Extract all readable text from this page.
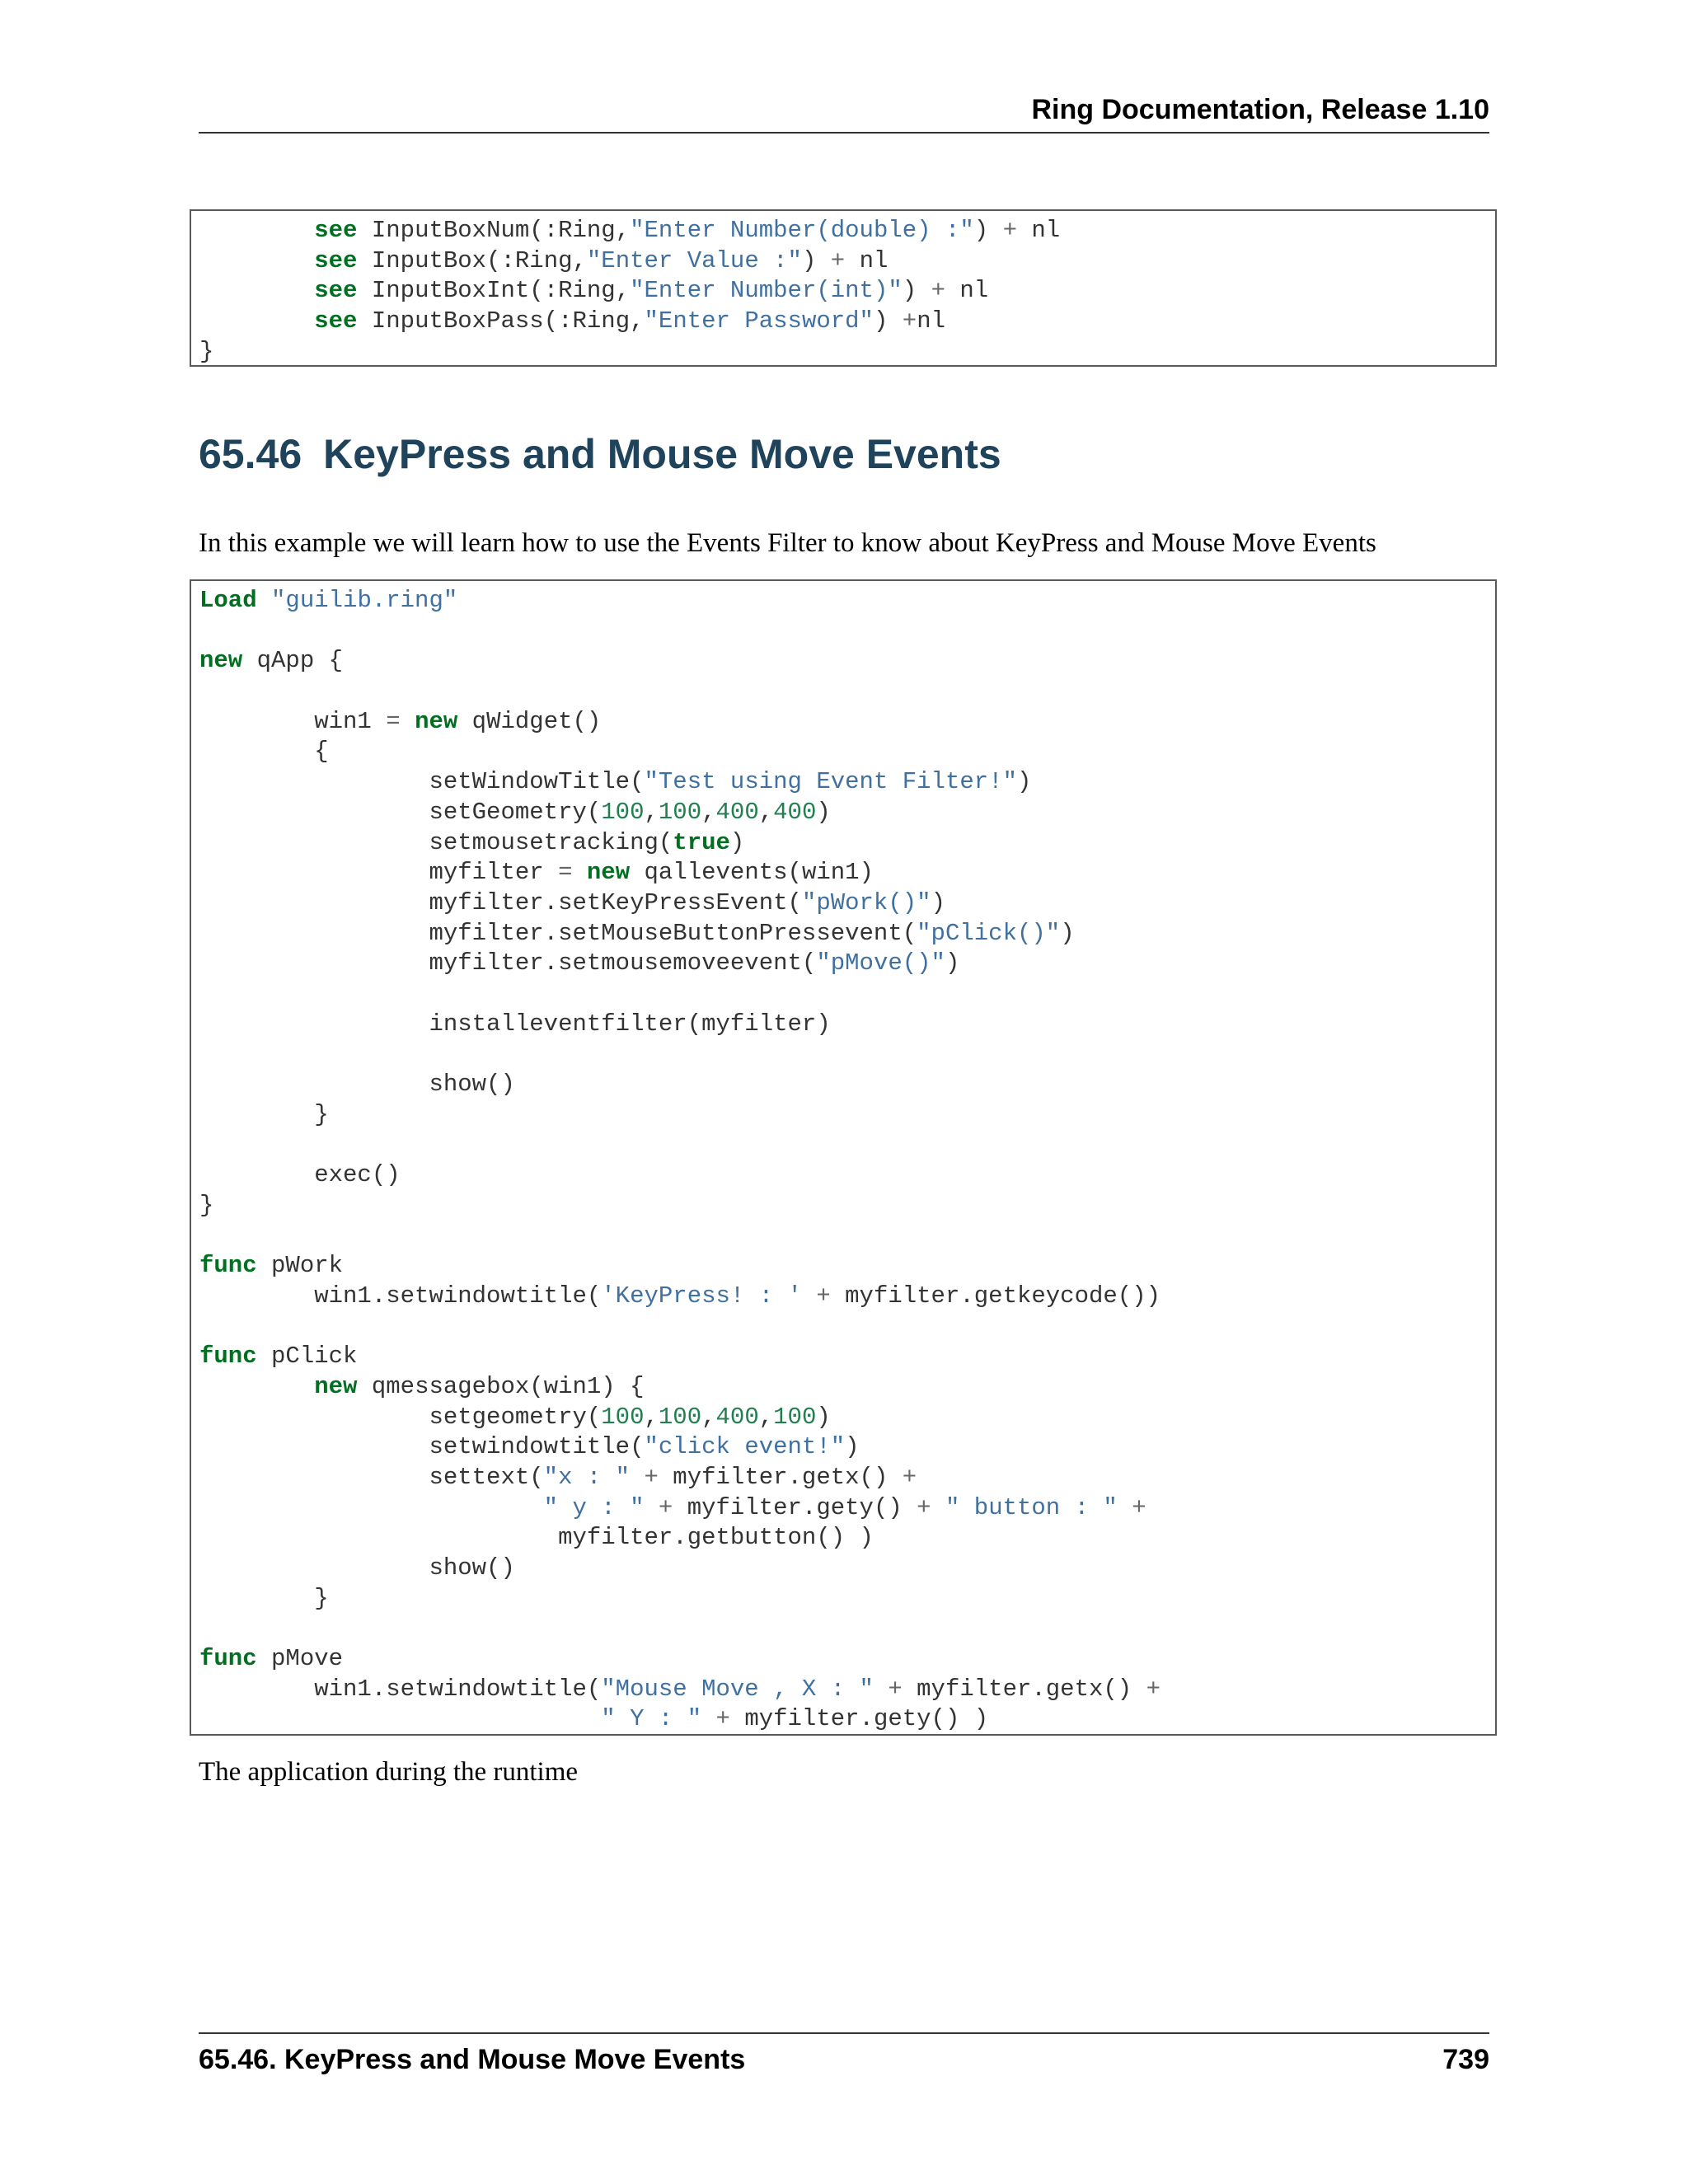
Ring Documentation, Release 1.10
see InputBoxNum(:Ring,"Enter Number(double) :") + nl
see InputBox(:Ring,"Enter Value :") + nl
see InputBoxInt(:Ring,"Enter Number(int)") + nl
see InputBoxPass(:Ring,"Enter Password") +nl
}
65.46 KeyPress and Mouse Move Events

In this example we will learn how to use the Events Filter to know about KeyPress and Mouse Move Events

Load "guilib.ring"

new qApp {

win1 = new qWidget()
{
setWindowTitle("Test using Event Filter!")
setGeometry(100,100,400,400)
setmousetracking(true)
myfilter = new qallevents(win1)
myfilter.setKeyPressEvent("pWork()")
myfilter.setMouseButtonPressevent("pClick()")
myfilter.setmousemoveevent("pMove()")

installeventfilter(myfilter)

show()
}

exec()
}

func pWork
win1.setwindowtitle('KeyPress! : ' + myfilter.getkeycode())

func pClick
new qmessagebox(win1) {
setgeometry(100,100,400,100)
setwindowtitle("click event!")
settext("x : " + myfilter.getx() +
" y : " + myfilter.gety() + " button : " +
myfilter.getbutton() )
show()
}

func pMove
win1.setwindowtitle("Mouse Move , X : " + myfilter.getx() +
" Y : " + myfilter.gety() )

The application during the runtime

65.46. KeyPress and Mouse Move Events	739
